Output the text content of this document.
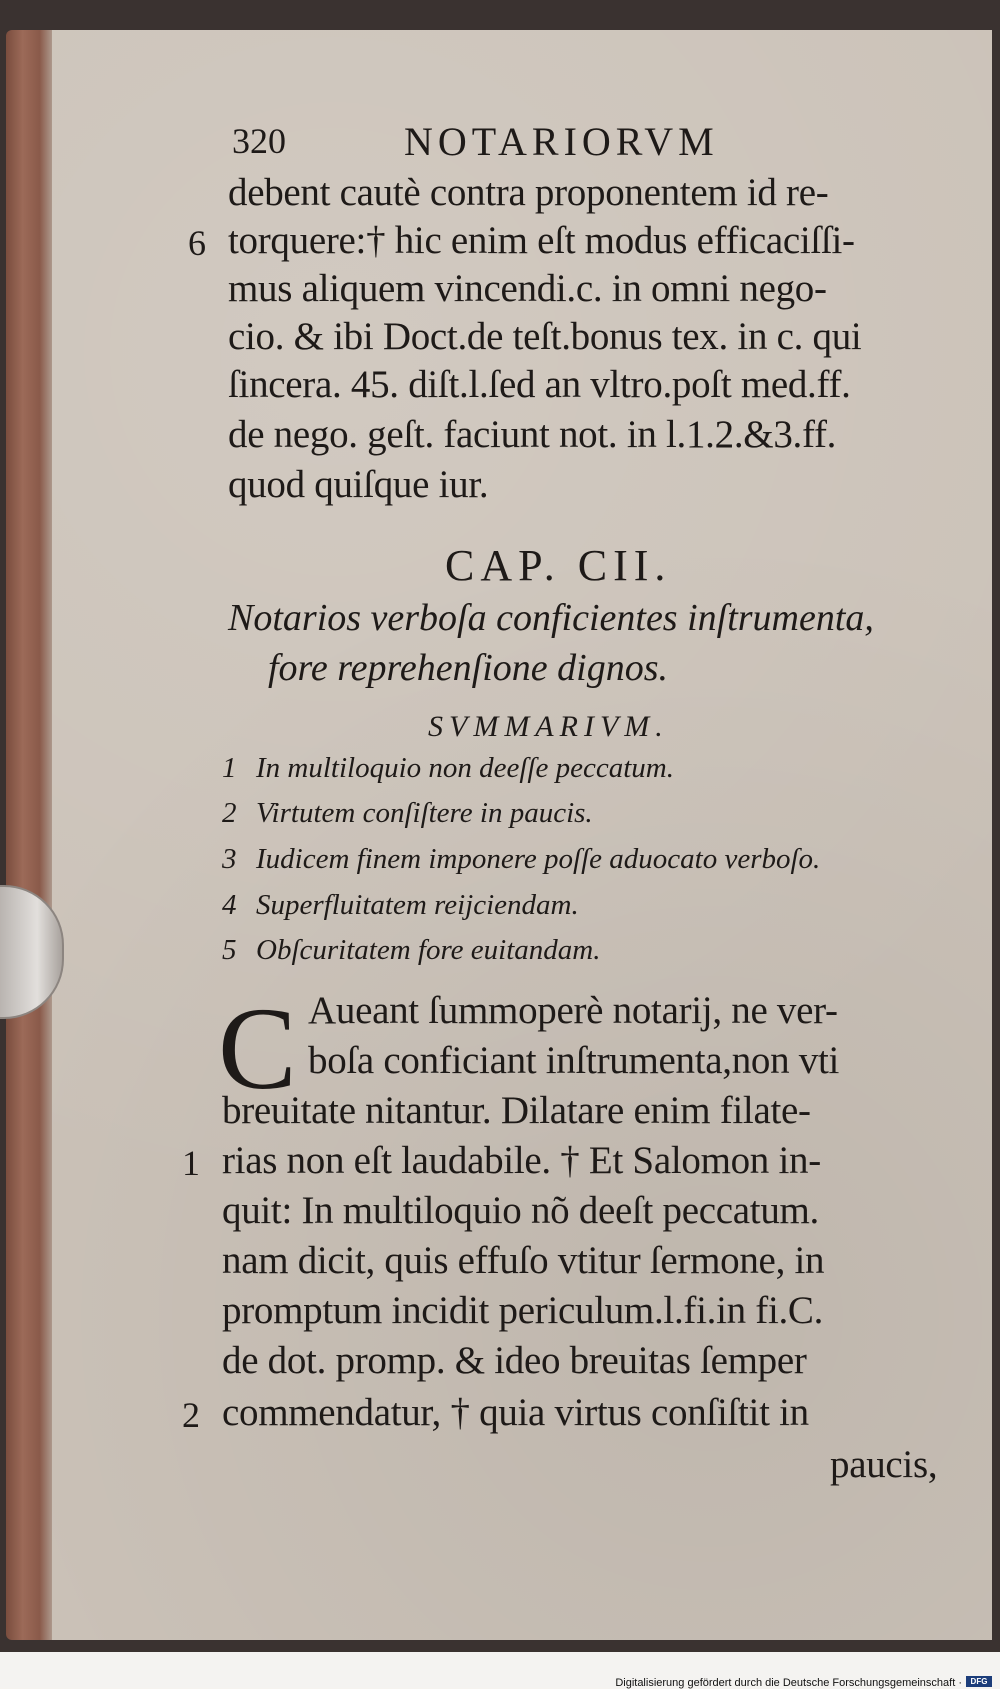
320	NOTARIORVM
debent cautè contra proponentem id re-
torquere:† hic enim eſt modus efficaciſſi-
mus aliquem vincendi.c. in omni nego-
cio. & ibi Doct.de teſt.bonus tex. in c. qui
ſincera. 45. diſt.l.ſed an vltro.poſt med.ff.
de nego. geſt. faciunt not. in l.1.2.&3.ff.
quod quiſque iur.
6
CAP. CII.
Notarios verboſa conficientes inſtrumenta,
fore reprehenſione dignos.
SVMMARIVM.
1 In multiloquio non deeſſe peccatum.
2 Virtutem conſiſtere in paucis.
3 Iudicem finem imponere poſſe aduocato verboſo.
4 Superfluitatem reijciendam.
5 Obſcuritatem fore euitandam.
C Aueant ſummoperè notarij, ne ver-
boſa conficiant inſtrumenta,non vti
breuitate nitantur. Dilatare enim filate-
rias non eſt laudabile. † Et Salomon in-
quit: In multiloquio nõ deeſt peccatum.
nam dicit, quis effuſo vtitur ſermone, in
promptum incidit periculum.l.fi.in fi.C.
de dot. promp. & ideo breuitas ſemper
commendatur, † quia virtus conſiſtit in
paucis,
1
2
Digitalisierung gefördert durch die Deutsche Forschungsgemeinschaft ·	DFG
